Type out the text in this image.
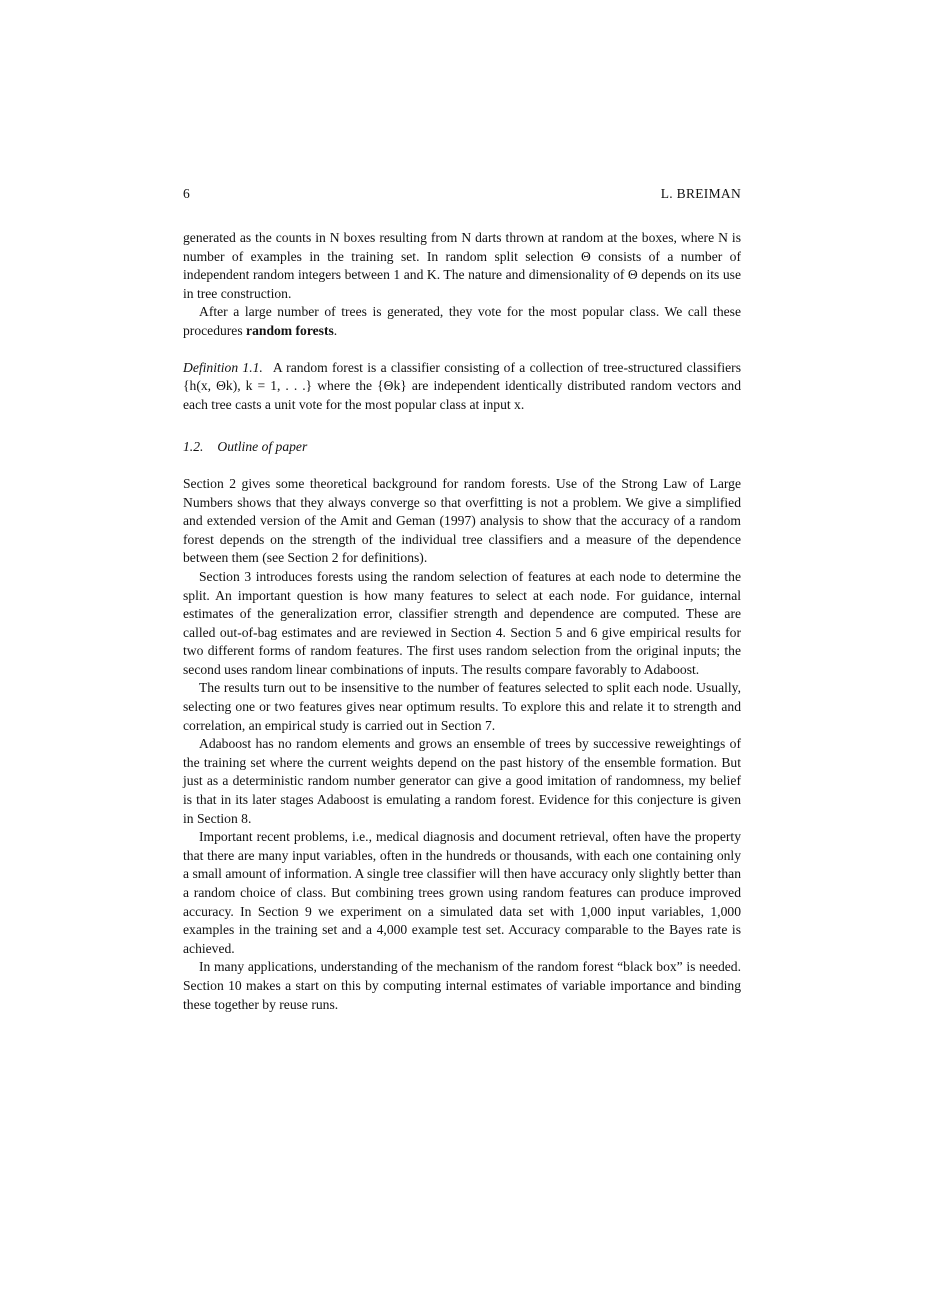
6	L. BREIMAN

generated as the counts in N boxes resulting from N darts thrown at random at the boxes, where N is number of examples in the training set. In random split selection Θ consists of a number of independent random integers between 1 and K. The nature and dimensionality of Θ depends on its use in tree construction.

After a large number of trees is generated, they vote for the most popular class. We call these procedures random forests.

Definition 1.1. A random forest is a classifier consisting of a collection of tree-structured classifiers {h(x, Θk), k = 1, . . .} where the {Θk} are independent identically distributed random vectors and each tree casts a unit vote for the most popular class at input x.

1.2. Outline of paper

Section 2 gives some theoretical background for random forests. Use of the Strong Law of Large Numbers shows that they always converge so that overfitting is not a problem. We give a simplified and extended version of the Amit and Geman (1997) analysis to show that the accuracy of a random forest depends on the strength of the individual tree classifiers and a measure of the dependence between them (see Section 2 for definitions).

Section 3 introduces forests using the random selection of features at each node to determine the split. An important question is how many features to select at each node. For guidance, internal estimates of the generalization error, classifier strength and dependence are computed. These are called out-of-bag estimates and are reviewed in Section 4. Section 5 and 6 give empirical results for two different forms of random features. The first uses random selection from the original inputs; the second uses random linear combinations of inputs. The results compare favorably to Adaboost.

The results turn out to be insensitive to the number of features selected to split each node. Usually, selecting one or two features gives near optimum results. To explore this and relate it to strength and correlation, an empirical study is carried out in Section 7.

Adaboost has no random elements and grows an ensemble of trees by successive reweightings of the training set where the current weights depend on the past history of the ensemble formation. But just as a deterministic random number generator can give a good imitation of randomness, my belief is that in its later stages Adaboost is emulating a random forest. Evidence for this conjecture is given in Section 8.

Important recent problems, i.e., medical diagnosis and document retrieval, often have the property that there are many input variables, often in the hundreds or thousands, with each one containing only a small amount of information. A single tree classifier will then have accuracy only slightly better than a random choice of class. But combining trees grown using random features can produce improved accuracy. In Section 9 we experiment on a simulated data set with 1,000 input variables, 1,000 examples in the training set and a 4,000 example test set. Accuracy comparable to the Bayes rate is achieved.

In many applications, understanding of the mechanism of the random forest “black box” is needed. Section 10 makes a start on this by computing internal estimates of variable importance and binding these together by reuse runs.
